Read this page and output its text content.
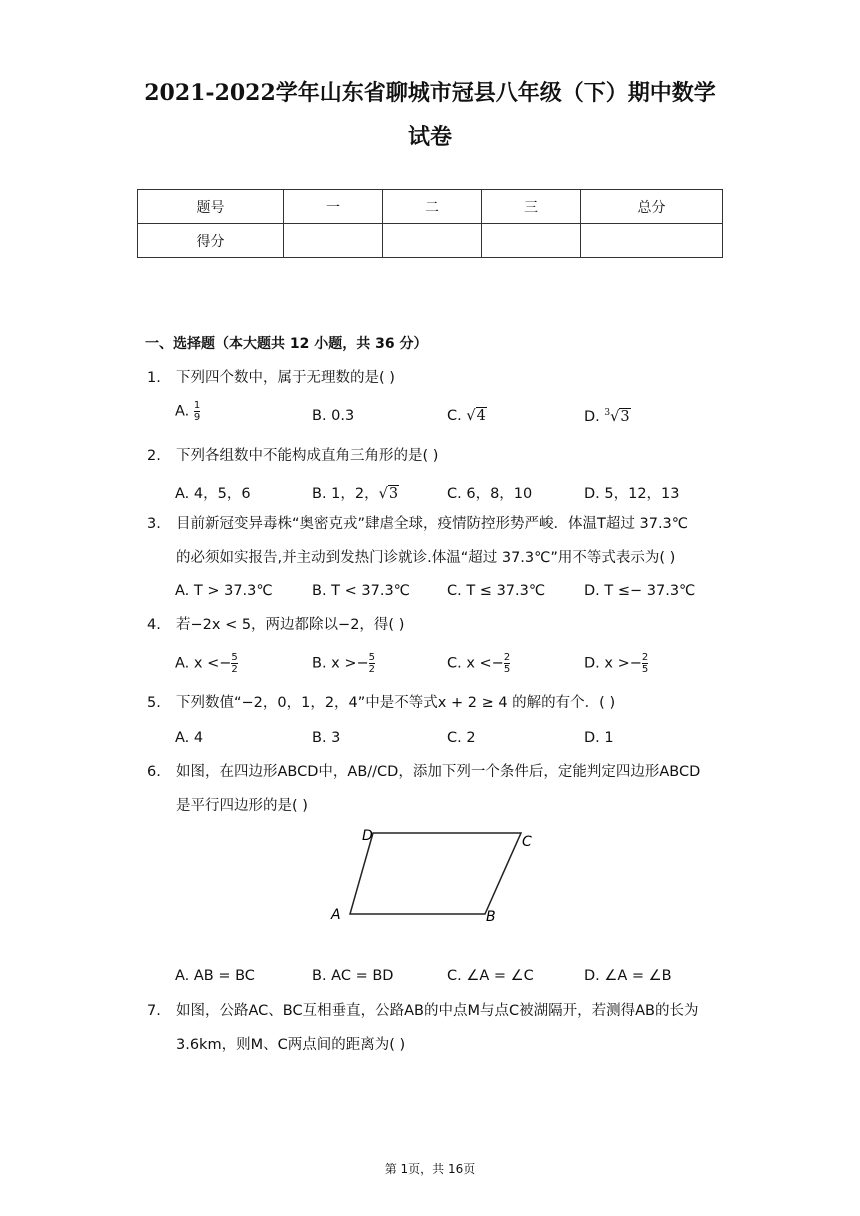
2021-2022学年山东省聊城市冠县八年级（下）期中数学
试卷
题号	一	二	三	总分
得分				
一、选择题（本大题共 12 小题，共 36 分）
1. 下列四个数中，属于无理数的是( )
A. $\frac{1}{9}$	B. 0.3	C. √4	D. $^3$√3
2. 下列各组数中不能构成直角三角形的是( )
A. 4，5，6	B. 1，2，√3	C. 6，8，10	D. 5，12，13
3. 目前新冠变异毒株“奥密克戎”肆虐全球，疫情防控形势严峻．体温T超过 37.3℃
的必须如实报告,并主动到发热门诊就诊.体温“超过 37.3℃”用不等式表示为( )
A. T > 37.3℃	B. T < 37.3℃	C. T ≤ 37.3℃	D. T ≤− 37.3℃
4. 若−2x < 5，两边都除以−2，得( )
A. $x <- \frac{5}{2}$	B. $x >- \frac{5}{2}$	C. $x <- \frac{2}{5}$	D. $x >- \frac{2}{5}$
5. 下列数值“−2，0，1，2，4”中是不等式x + 2 ≥ 4 的解的有个．( )
A. 4	B. 3	C. 2	D. 1
6. 如图，在四边形ABCD中，AB//CD，添加下列一个条件后，定能判定四边形ABCD
是平行四边形的是( )
A	B
C
D
A. AB = BC	B. AC = BD	C. ∠A = ∠C	D. ∠A = ∠B
7. 如图，公路AC、BC互相垂直，公路AB的中点M与点C被湖隔开，若测得AB的长为
3.6km，则M、C两点间的距离为( )
第 1页，共 16页
